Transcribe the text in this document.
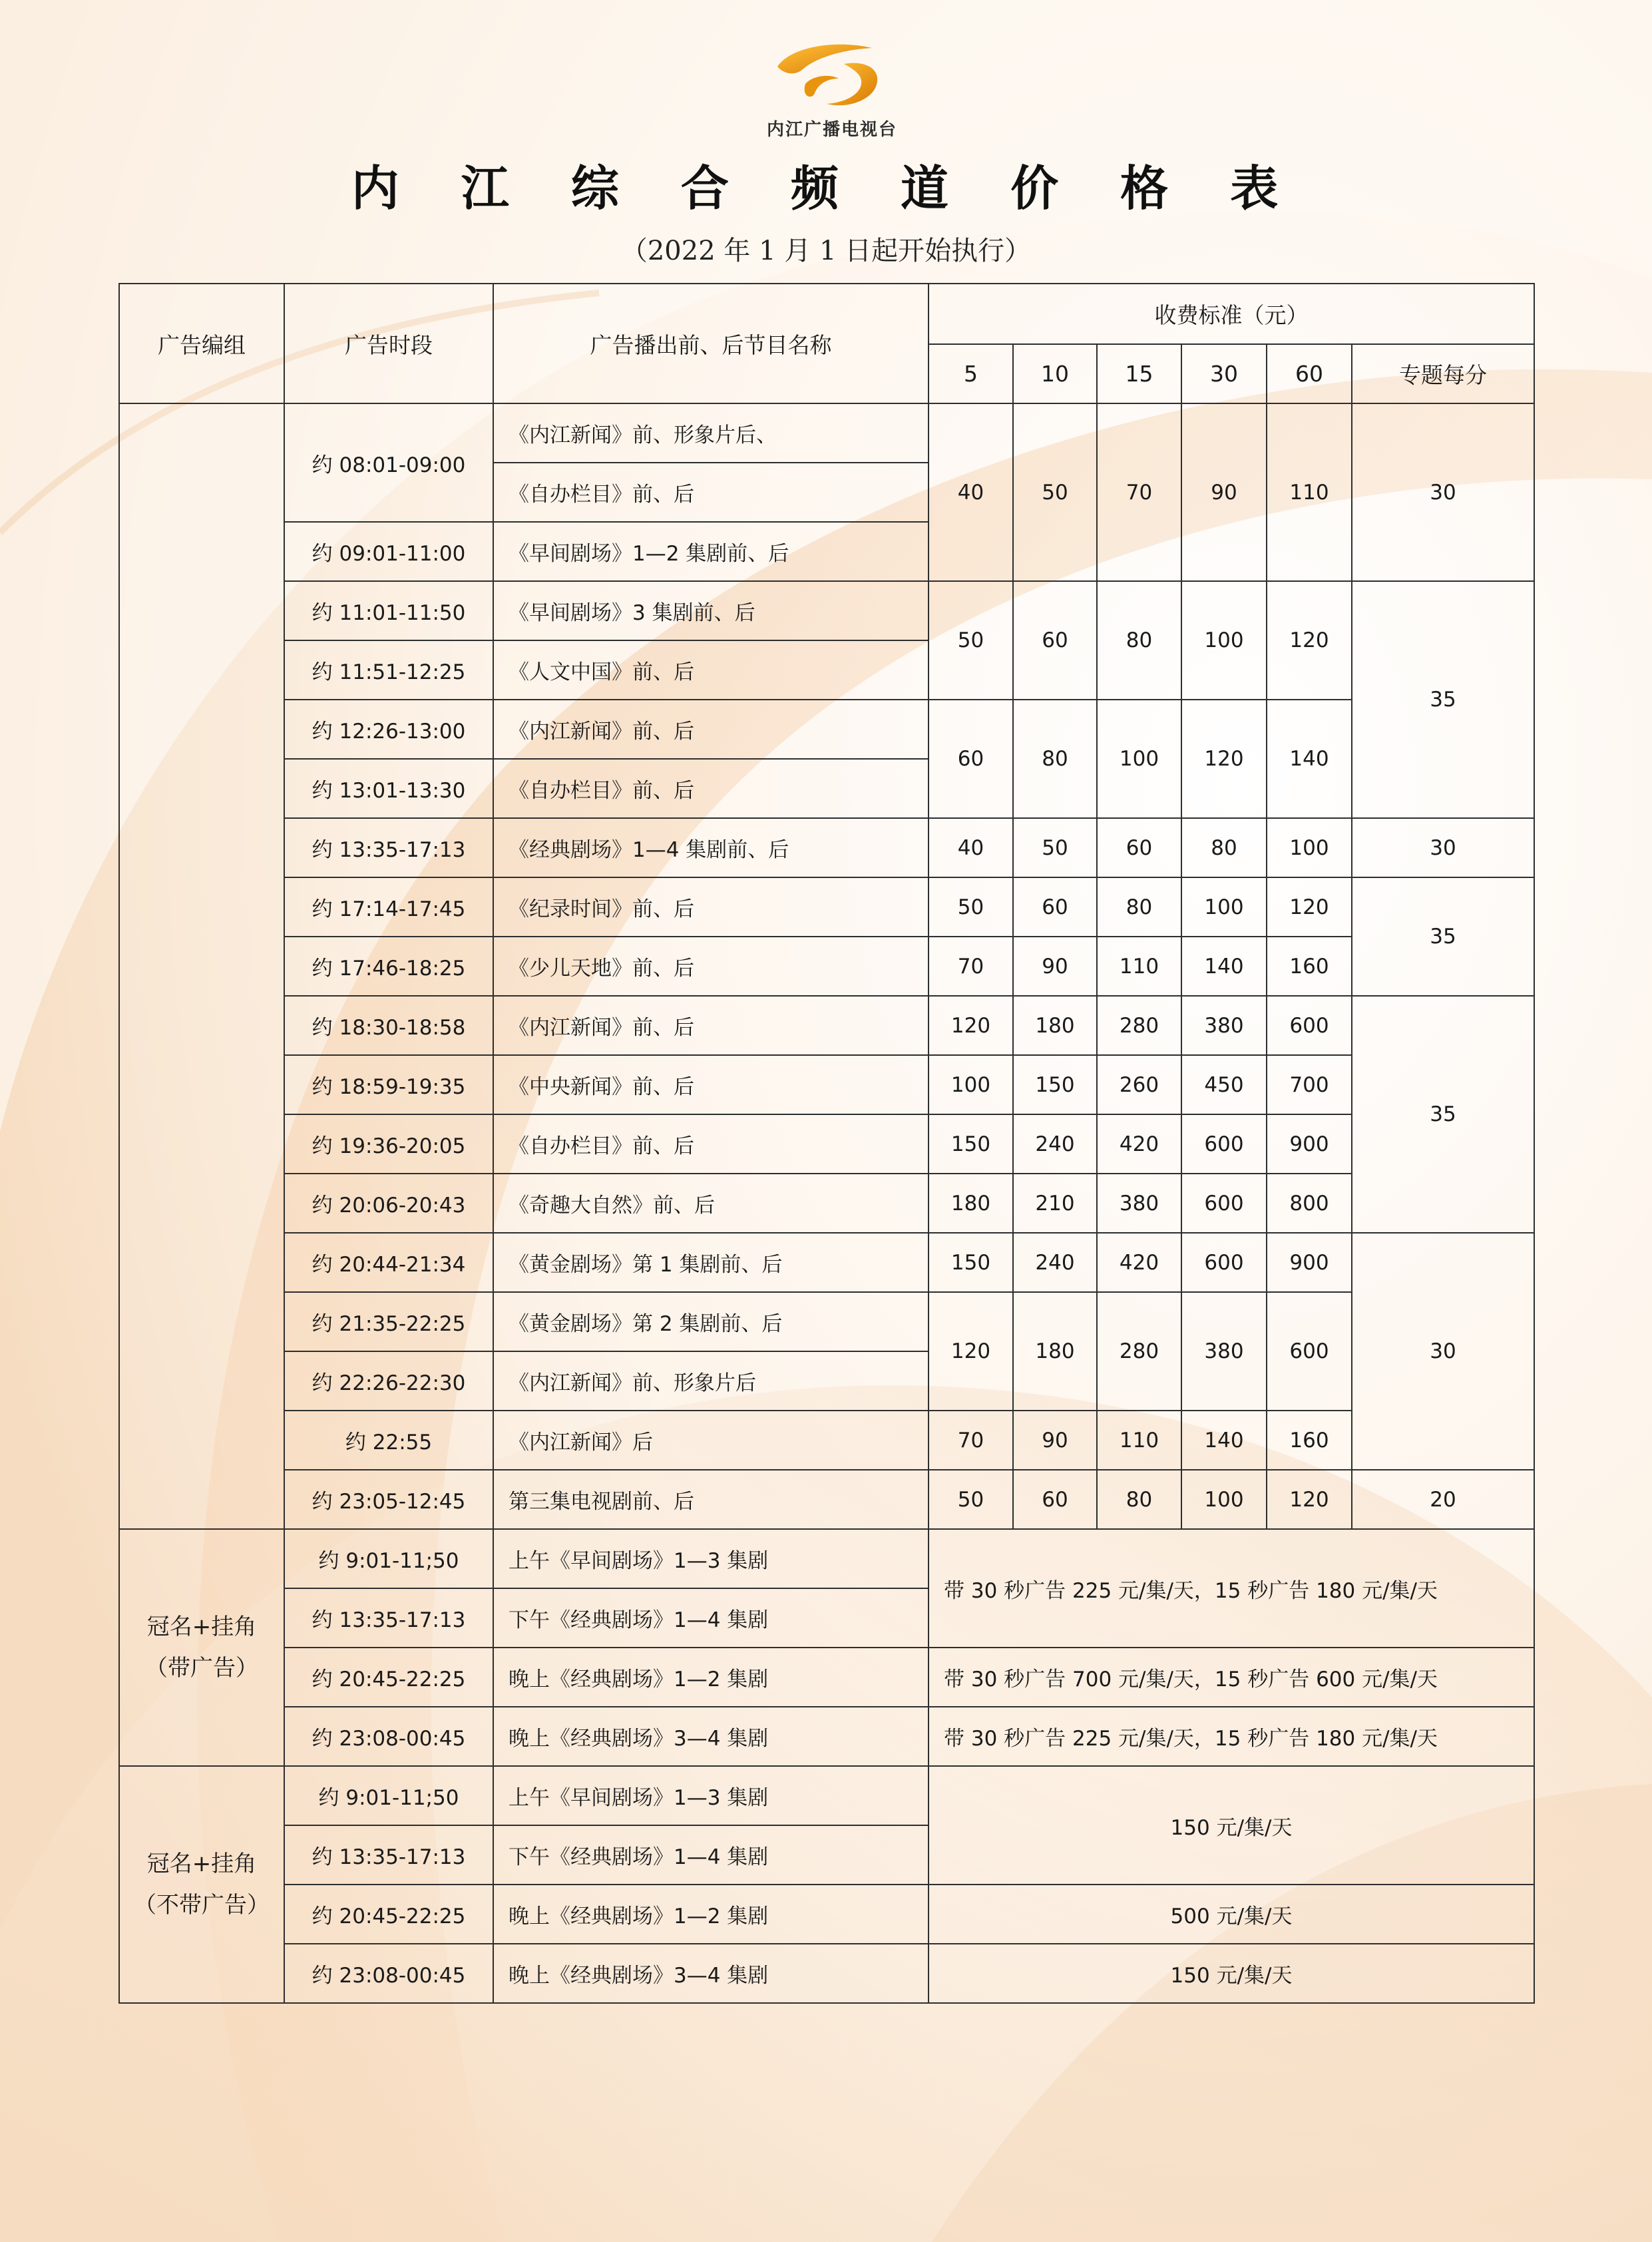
内江广播电视台
内 江 综 合 频 道 价 格 表
（2022 年 1 月 1 日起开始执行）
广告编组	广告时段	广告播出前、后节目名称	收费标准（元）					
			5	10	15	30	60	专题每分
	约 08:01-09:00	《内江新闻》前、形象片后、	40	50	70	90	110	30
		《自办栏目》前、后						
	约 09:01-11:00	《早间剧场》1—2 集剧前、后						
	约 11:01-11:50	《早间剧场》3 集剧前、后	50	60	80	100	120	35
	约 11:51-12:25	《人文中国》前、后						
	约 12:26-13:00	《内江新闻》前、后	60	80	100	120	140	
	约 13:01-13:30	《自办栏目》前、后						
	约 13:35-17:13	《经典剧场》1—4 集剧前、后	40	50	60	80	100	30
	约 17:14-17:45	《纪录时间》前、后	50	60	80	100	120	35
	约 17:46-18:25	《少儿天地》前、后	70	90	110	140	160	
	约 18:30-18:58	《内江新闻》前、后	120	180	280	380	600	35
	约 18:59-19:35	《中央新闻》前、后	100	150	260	450	700	
	约 19:36-20:05	《自办栏目》前、后	150	240	420	600	900	
	约 20:06-20:43	《奇趣大自然》前、后	180	210	380	600	800	
	约 20:44-21:34	《黄金剧场》第 1 集剧前、后	150	240	420	600	900	30
	约 21:35-22:25	《黄金剧场》第 2 集剧前、后	120	180	280	380	600	
	约 22:26-22:30	《内江新闻》前、形象片后						
	约 22:55	《内江新闻》后	70	90	110	140	160	
	约 23:05-12:45	第三集电视剧前、后	50	60	80	100	120	20

冠名+挂角
（带广告）	约 9:01-11;50	上午《早间剧场》1—3 集剧	带 30 秒广告 225 元/集/天，15 秒广告 180 元/集/天					
	约 13:35-17:13	下午《经典剧场》1—4 集剧						
	约 20:45-22:25	晚上《经典剧场》1—2 集剧	带 30 秒广告 700 元/集/天，15 秒广告 600 元/集/天					
	约 23:08-00:45	晚上《经典剧场》3—4 集剧	带 30 秒广告 225 元/集/天，15 秒广告 180 元/集/天					

冠名+挂角
（不带广告）	约 9:01-11;50	上午《早间剧场》1—3 集剧	150 元/集/天					
	约 13:35-17:13	下午《经典剧场》1—4 集剧						
	约 20:45-22:25	晚上《经典剧场》1—2 集剧	500 元/集/天					
	约 23:08-00:45	晚上《经典剧场》3—4 集剧	150 元/集/天					
